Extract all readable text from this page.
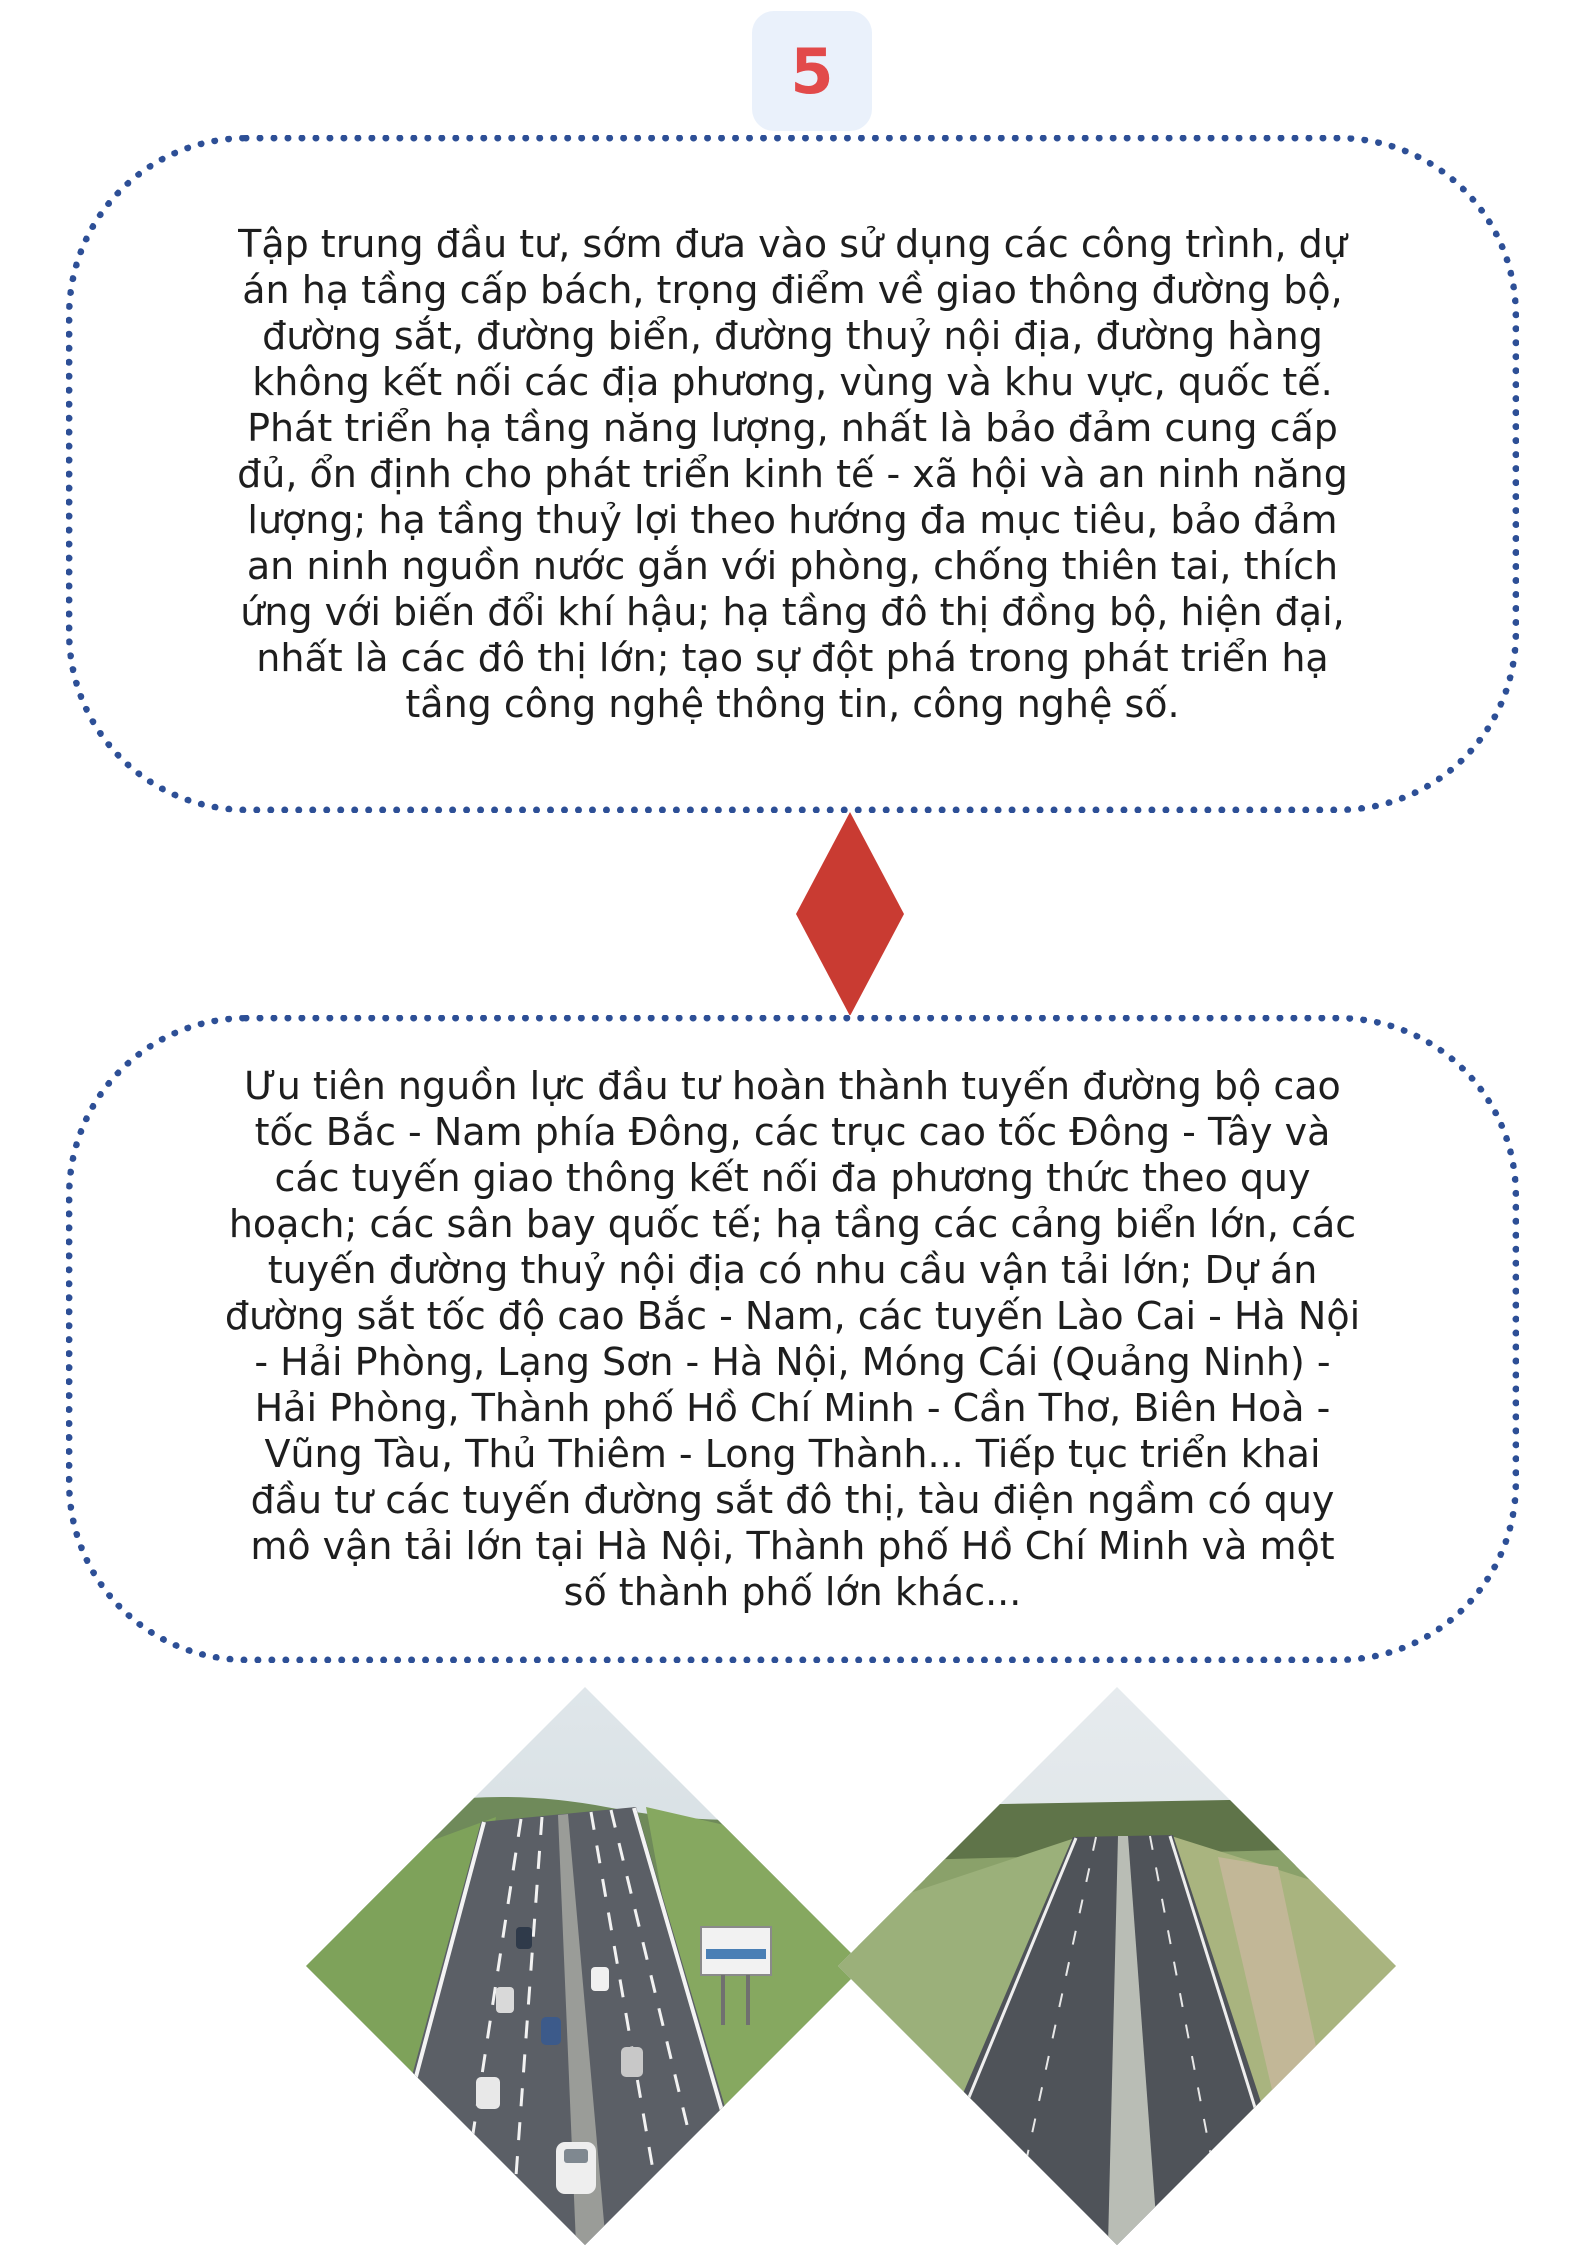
5

Tập trung đầu tư, sớm đưa vào sử dụng các công trình, dự án hạ tầng cấp bách, trọng điểm về giao thông đường bộ, đường sắt, đường biển, đường thuỷ nội địa, đường hàng không kết nối các địa phương, vùng và khu vực, quốc tế. Phát triển hạ tầng năng lượng, nhất là bảo đảm cung cấp đủ, ổn định cho phát triển kinh tế - xã hội và an ninh năng lượng; hạ tầng thuỷ lợi theo hướng đa mục tiêu, bảo đảm an ninh nguồn nước gắn với phòng, chống thiên tai, thích ứng với biến đổi khí hậu; hạ tầng đô thị đồng bộ, hiện đại, nhất là các đô thị lớn; tạo sự đột phá trong phát triển hạ tầng công nghệ thông tin, công nghệ số.

Ưu tiên nguồn lực đầu tư hoàn thành tuyến đường bộ cao tốc Bắc - Nam phía Đông, các trục cao tốc Đông - Tây và các tuyến giao thông kết nối đa phương thức theo quy hoạch; các sân bay quốc tế; hạ tầng các cảng biển lớn, các tuyến đường thuỷ nội địa có nhu cầu vận tải lớn; Dự án đường sắt tốc độ cao Bắc - Nam, các tuyến Lào Cai - Hà Nội - Hải Phòng, Lạng Sơn - Hà Nội, Móng Cái (Quảng Ninh) - Hải Phòng, Thành phố Hồ Chí Minh - Cần Thơ, Biên Hoà - Vũng Tàu, Thủ Thiêm - Long Thành... Tiếp tục triển khai đầu tư các tuyến đường sắt đô thị, tàu điện ngầm có quy mô vận tải lớn tại Hà Nội, Thành phố Hồ Chí Minh và một số thành phố lớn khác...
